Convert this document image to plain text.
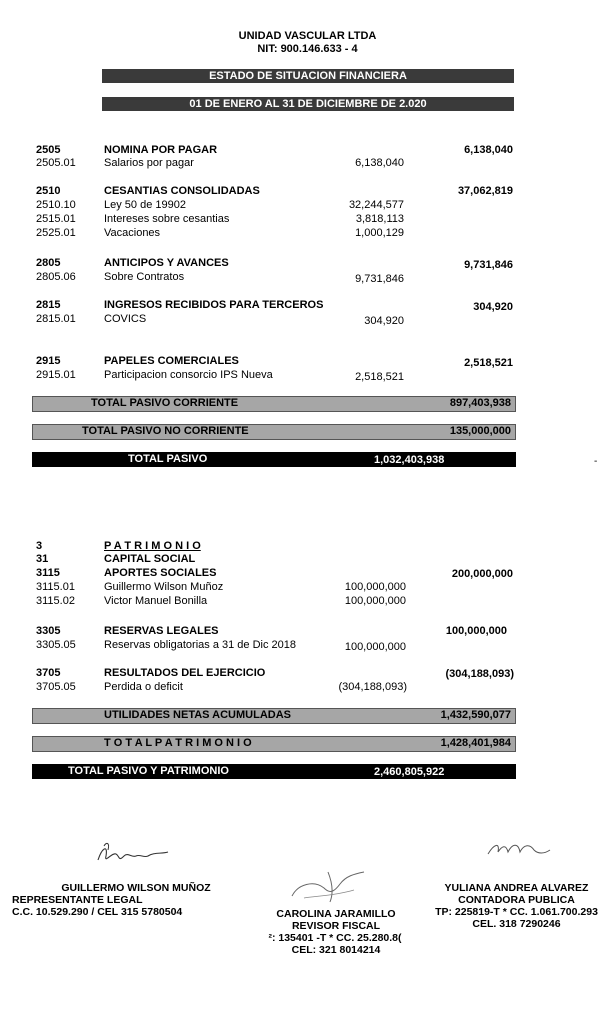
UNIDAD VASCULAR LTDA
NIT: 900.146.633 - 4
ESTADO DE SITUACION FINANCIERA
01 DE ENERO AL 31 DE DICIEMBRE DE 2.020
2505	NOMINA POR PAGAR	6,138,040
2505.01	Salarios por pagar	6,138,040
2510	CESANTIAS CONSOLIDADAS	37,062,819
2510.10	Ley 50 de 19902	32,244,577
2515.01	Intereses sobre cesantias	3,818,113
2525.01	Vacaciones	1,000,129
2805	ANTICIPOS Y AVANCES	9,731,846
2805.06	Sobre Contratos	9,731,846
2815	INGRESOS RECIBIDOS PARA TERCEROS	304,920
2815.01	COVICS	304,920
2915	PAPELES COMERCIALES	2,518,521
2915.01	Participacion consorcio IPS Nueva	2,518,521
TOTAL PASIVO CORRIENTE	897,403,938
TOTAL PASIVO NO CORRIENTE	135,000,000
TOTAL PASIVO	1,032,403,938	-
3	P A T R I M O N I O
31	CAPITAL SOCIAL
3115	APORTES SOCIALES	200,000,000
3115.01	Guillermo Wilson Muñoz	100,000,000
3115.02	Victor Manuel Bonilla	100,000,000
3305	RESERVAS LEGALES	100,000,000
3305.05	Reservas obligatorias a 31 de Dic 2018	100,000,000
3705	RESULTADOS DEL EJERCICIO	(304,188,093)
3705.05	Perdida o deficit	(304,188,093)
UTILIDADES NETAS ACUMULADAS	1,432,590,077
T O T A L P A T R I M O N I O	1,428,401,984
TOTAL PASIVO Y PATRIMONIO	2,460,805,922
GUILLERMO WILSON MUÑOZ
REPRESENTANTE LEGAL
C.C. 10.529.290 / CEL 315 5780504	CAROLINA JARAMILLO
REVISOR FISCAL
²: 135401 -T * CC. 25.280.8(
CEL: 321 8014214
YULIANA ANDREA ALVAREZ
CONTADORA PUBLICA
TP: 225819-T * CC. 1.061.700.293
CEL. 318 7290246
